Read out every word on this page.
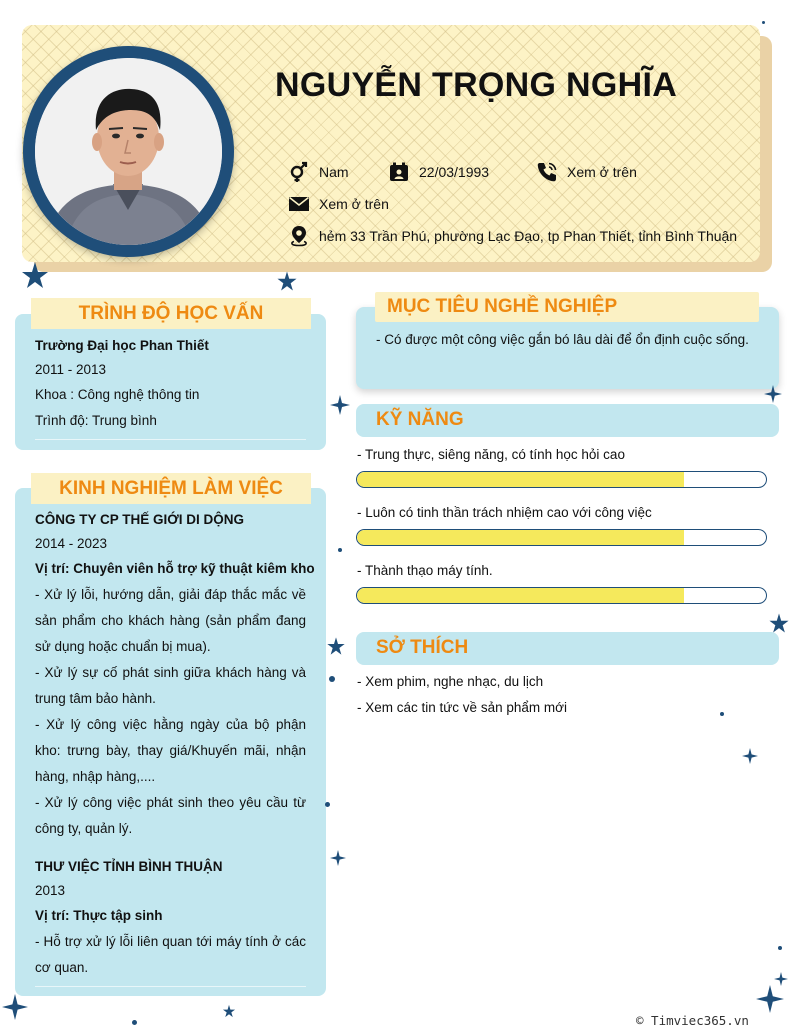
NGUYỄN TRỌNG NGHĨA
Nam	22/03/1993	Xem ở trên
Xem ở trên
hẻm 33 Trần Phú, phường Lạc Đạo, tp Phan Thiết, tỉnh Bình Thuận
TRÌNH ĐỘ HỌC VẤN
Trường Đại học Phan Thiết
2011 - 2013
Khoa : Công nghệ thông tin
Trình độ: Trung bình
KINH NGHIỆM LÀM VIỆC
CÔNG TY CP THẾ GIỚI DI DỘNG
2014 - 2023
Vị trí: Chuyên viên hỗ trợ kỹ thuật kiêm kho
- Xử lý lỗi, hướng dẫn, giải đáp thắc mắc về sản phẩm cho khách hàng (sản phẩm đang sử dụng hoặc chuẩn bị mua).
- Xử lý sự cố phát sinh giữa khách hàng và trung tâm bảo hành.
- Xử lý công việc hằng ngày của bộ phận kho: trưng bày, thay giá/Khuyến mãi, nhận hàng, nhập hàng,....
- Xử lý công việc phát sinh theo yêu cầu từ công ty, quản lý.
THƯ VIỆC TỈNH BÌNH THUẬN
2013
Vị trí: Thực tập sinh
- Hỗ trợ xử lý lỗi liên quan tới máy tính ở các cơ quan.
MỤC TIÊU NGHỀ NGHIỆP
- Có được một công việc gắn bó lâu dài để ổn định cuộc sống.
KỸ NĂNG
- Trung thực, siêng năng, có tính học hỏi cao
- Luôn có tinh thần trách nhiệm cao với công việc
- Thành thạo máy tính.
SỞ THÍCH
- Xem phim, nghe nhạc, du lịch
- Xem các tin tức về sản phẩm mới
© Timviec365.vn
